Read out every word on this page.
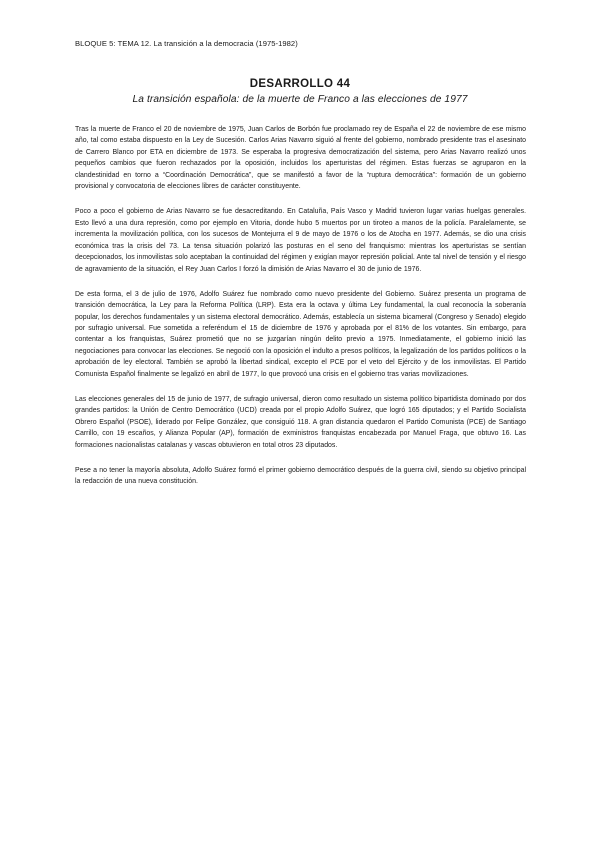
BLOQUE 5: TEMA 12. La transición a la democracia (1975-1982)
DESARROLLO 44
La transición española: de la muerte de Franco a las elecciones de 1977

Tras la muerte de Franco el 20 de noviembre de 1975, Juan Carlos de Borbón fue proclamado rey de España el 22 de noviembre de ese mismo año, tal como estaba dispuesto en la Ley de Sucesión. Carlos Arias Navarro siguió al frente del gobierno, nombrado presidente tras el asesinato de Carrero Blanco por ETA en diciembre de 1973. Se esperaba la progresiva democratización del sistema, pero Arias Navarro realizó unos pequeños cambios que fueron rechazados por la oposición, incluidos los aperturistas del régimen. Estas fuerzas se agruparon en la clandestinidad en torno a “Coordinación Democrática”, que se manifestó a favor de la “ruptura democrática”: formación de un gobierno provisional y convocatoria de elecciones libres de carácter constituyente.

Poco a poco el gobierno de Arias Navarro se fue desacreditando. En Cataluña, País Vasco y Madrid tuvieron lugar varias huelgas generales. Esto llevó a una dura represión, como por ejemplo en Vitoria, donde hubo 5 muertos por un tiroteo a manos de la policía. Paralelamente, se incrementa la movilización política, con los sucesos de Montejurra el 9 de mayo de 1976 o los de Atocha en 1977. Además, se dio una crisis económica tras la crisis del 73. La tensa situación polarizó las posturas en el seno del franquismo: mientras los aperturistas se sentían decepcionados, los inmovilistas solo aceptaban la continuidad del régimen y exigían mayor represión policial. Ante tal nivel de tensión y el riesgo de agravamiento de la situación, el Rey Juan Carlos I forzó la dimisión de Arias Navarro el 30 de junio de 1976.

De esta forma, el 3 de julio de 1976, Adolfo Suárez fue nombrado como nuevo presidente del Gobierno. Suárez presenta un programa de transición democrática, la Ley para la Reforma Política (LRP). Esta era la octava y última Ley fundamental, la cual reconocía la soberanía popular, los derechos fundamentales y un sistema electoral democrático. Además, establecía un sistema bicameral (Congreso y Senado) elegido por sufragio universal. Fue sometida a referéndum el 15 de diciembre de 1976 y aprobada por el 81% de los votantes. Sin embargo, para contentar a los franquistas, Suárez prometió que no se juzgarían ningún delito previo a 1975. Inmediatamente, el gobierno inició las negociaciones para convocar las elecciones. Se negoció con la oposición el indulto a presos políticos, la legalización de los partidos políticos o la aprobación de ley electoral. También se aprobó la libertad sindical, excepto el PCE por el veto del Ejército y de los inmovilistas. El Partido Comunista Español finalmente se legalizó en abril de 1977, lo que provocó una crisis en el gobierno tras varias movilizaciones.

Las elecciones generales del 15 de junio de 1977, de sufragio universal, dieron como resultado un sistema político bipartidista dominado por dos grandes partidos: la Unión de Centro Democrático (UCD) creada por el propio Adolfo Suárez, que logró 165 diputados; y el Partido Socialista Obrero Español (PSOE), liderado por Felipe González, que consiguió 118. A gran distancia quedaron el Partido Comunista (PCE) de Santiago Carrillo, con 19 escaños, y Alianza Popular (AP), formación de exministros franquistas encabezada por Manuel Fraga, que obtuvo 16. Las formaciones nacionalistas catalanas y vascas obtuvieron en total otros 23 diputados.

Pese a no tener la mayoría absoluta, Adolfo Suárez formó el primer gobierno democrático después de la guerra civil, siendo su objetivo principal la redacción de una nueva constitución.
